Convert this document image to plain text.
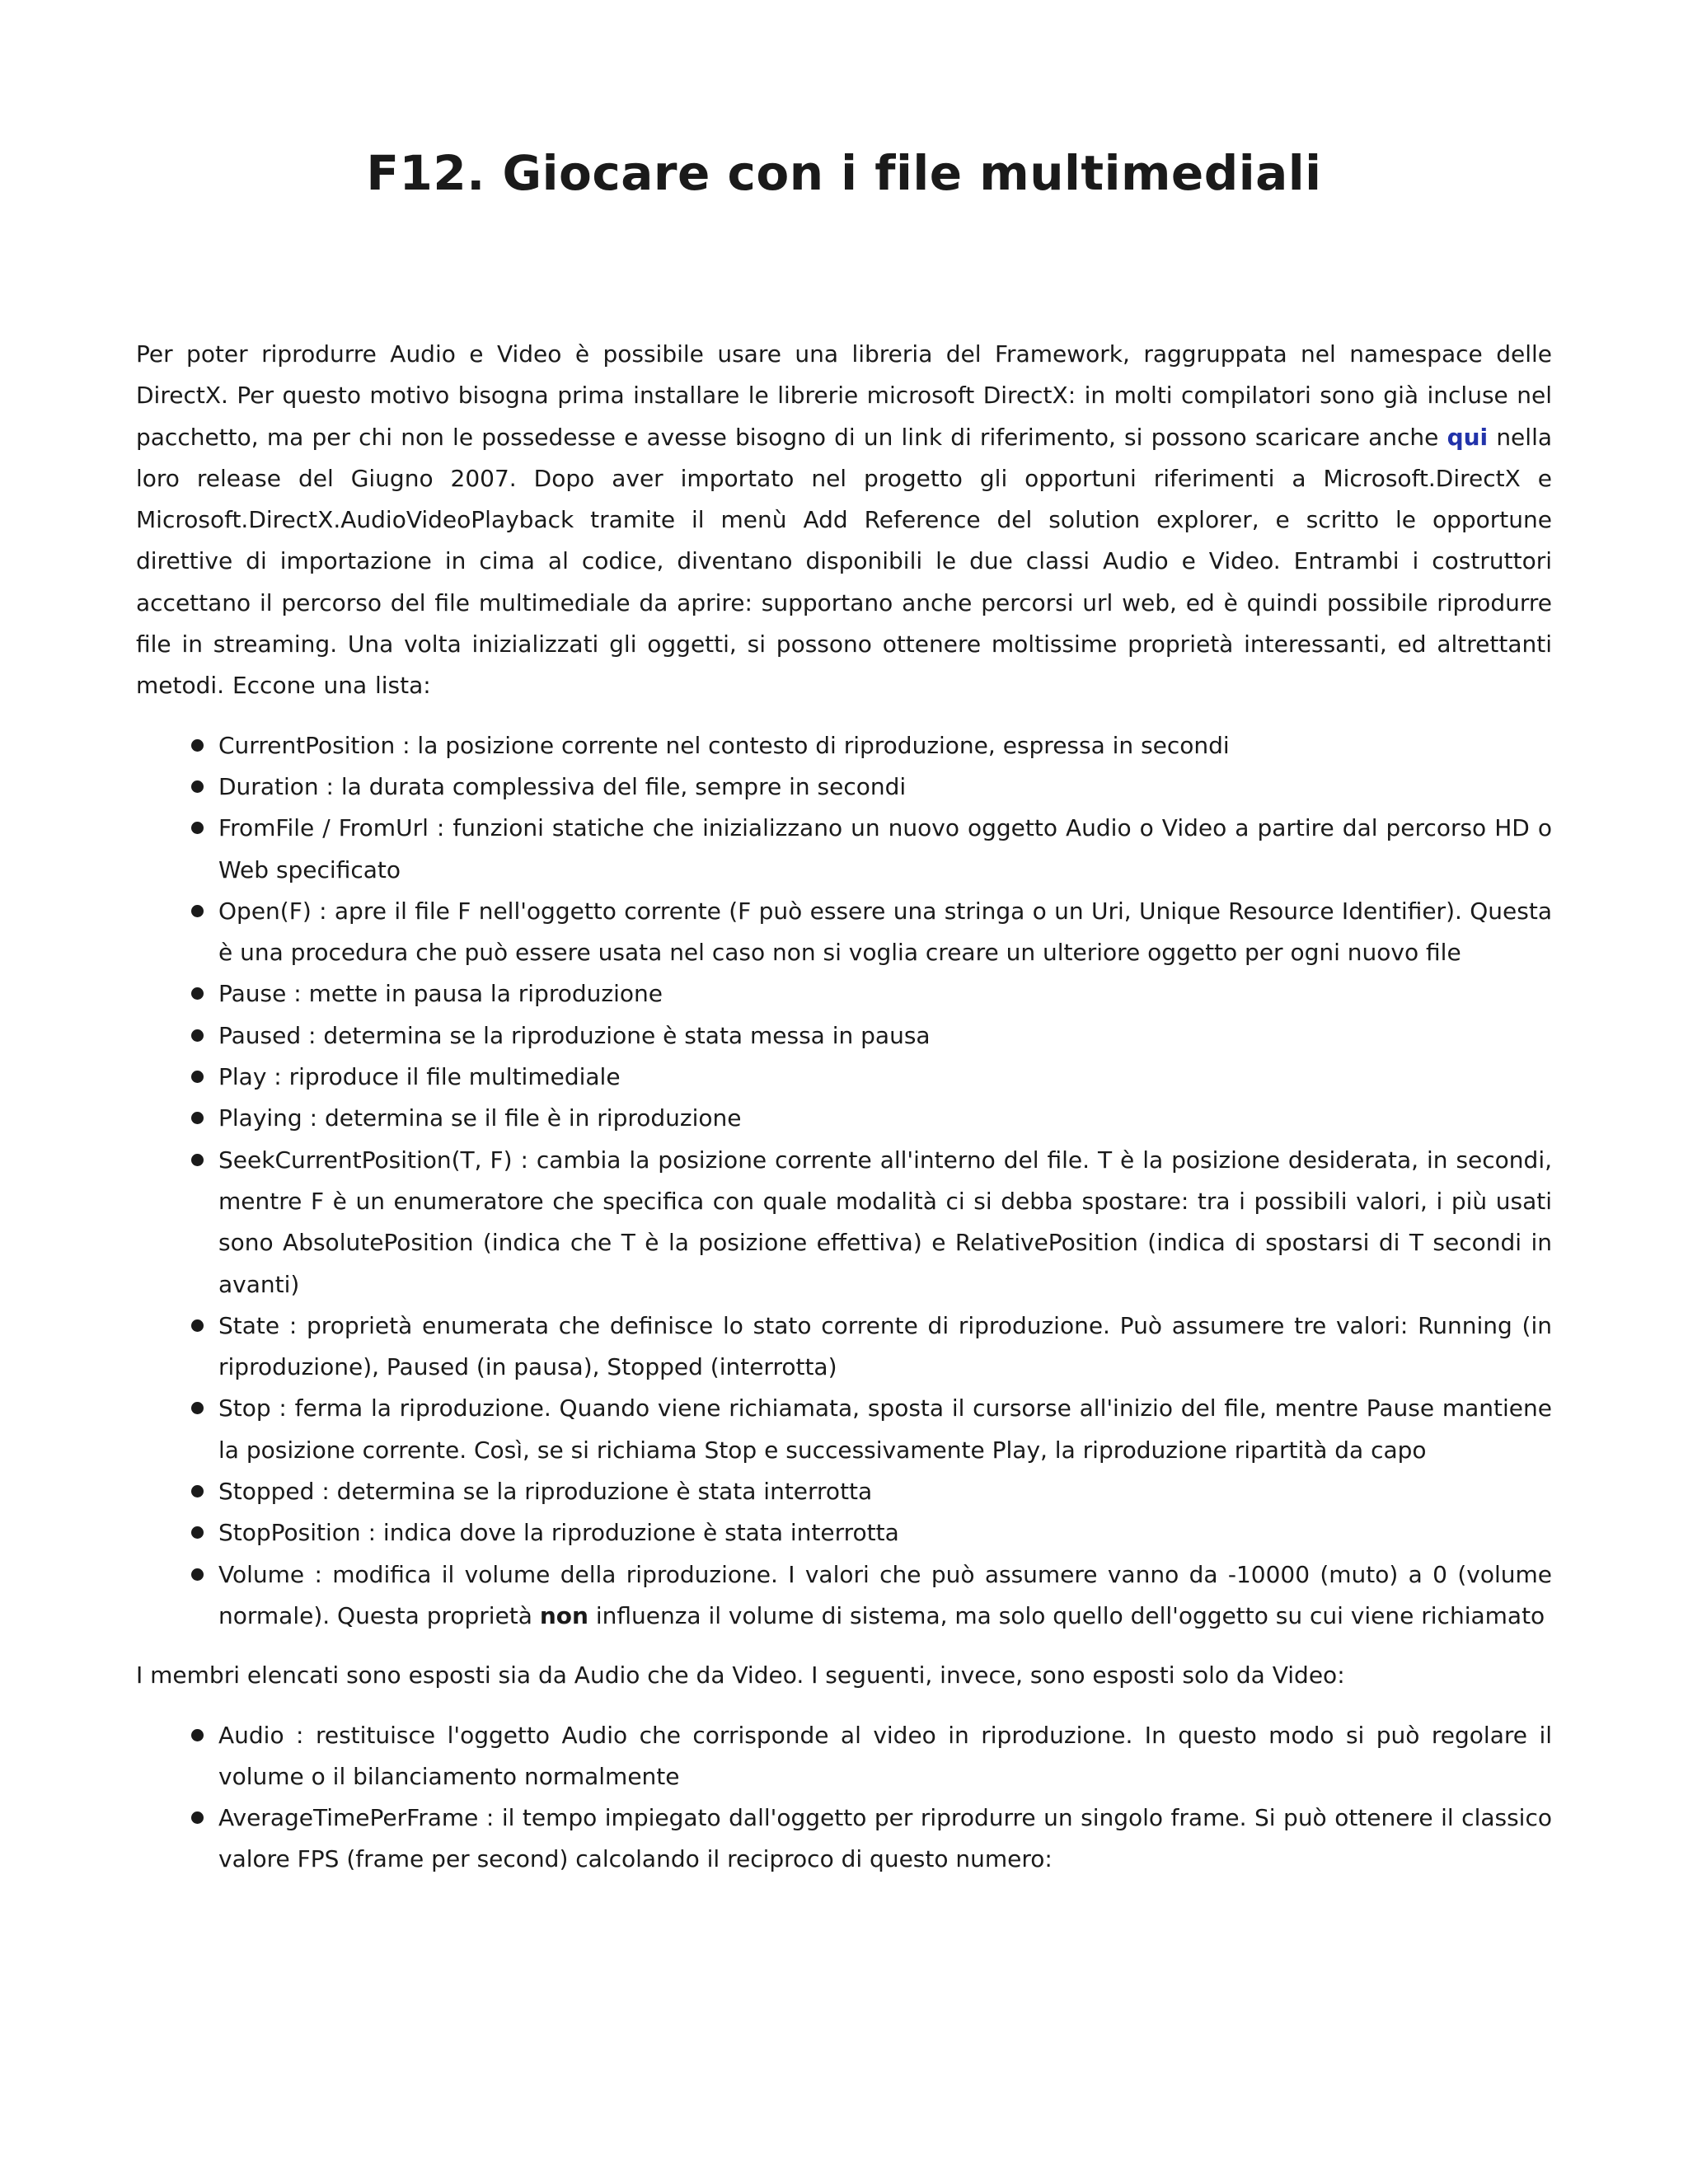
F12. Giocare con i file multimediali

Per poter riprodurre Audio e Video è possibile usare una libreria del Framework, raggruppata nel namespace delle DirectX. Per questo motivo bisogna prima installare le librerie microsoft DirectX: in molti compilatori sono già incluse nel pacchetto, ma per chi non le possedesse e avesse bisogno di un link di riferimento, si possono scaricare anche qui nella loro release del Giugno 2007. Dopo aver importato nel progetto gli opportuni riferimenti a Microsoft.DirectX e Microsoft.DirectX.AudioVideoPlayback tramite il menù Add Reference del solution explorer, e scritto le opportune direttive di importazione in cima al codice, diventano disponibili le due classi Audio e Video. Entrambi i costruttori accettano il percorso del file multimediale da aprire: supportano anche percorsi url web, ed è quindi possibile riprodurre file in streaming. Una volta inizializzati gli oggetti, si possono ottenere moltissime proprietà interessanti, ed altrettanti metodi. Eccone una lista:

CurrentPosition : la posizione corrente nel contesto di riproduzione, espressa in secondi
Duration : la durata complessiva del file, sempre in secondi
FromFile / FromUrl : funzioni statiche che inizializzano un nuovo oggetto Audio o Video a partire dal percorso HD o Web specificato
Open(F) : apre il file F nell'oggetto corrente (F può essere una stringa o un Uri, Unique Resource Identifier). Questa è una procedura che può essere usata nel caso non si voglia creare un ulteriore oggetto per ogni nuovo file
Pause : mette in pausa la riproduzione
Paused : determina se la riproduzione è stata messa in pausa
Play : riproduce il file multimediale
Playing : determina se il file è in riproduzione
SeekCurrentPosition(T, F) : cambia la posizione corrente all'interno del file. T è la posizione desiderata, in secondi, mentre F è un enumeratore che specifica con quale modalità ci si debba spostare: tra i possibili valori, i più usati sono AbsolutePosition (indica che T è la posizione effettiva) e RelativePosition (indica di spostarsi di T secondi in avanti)
State : proprietà enumerata che definisce lo stato corrente di riproduzione. Può assumere tre valori: Running (in riproduzione), Paused (in pausa), Stopped (interrotta)
Stop : ferma la riproduzione. Quando viene richiamata, sposta il cursorse all'inizio del file, mentre Pause mantiene la posizione corrente. Così, se si richiama Stop e successivamente Play, la riproduzione ripartità da capo
Stopped : determina se la riproduzione è stata interrotta
StopPosition : indica dove la riproduzione è stata interrotta
Volume : modifica il volume della riproduzione. I valori che può assumere vanno da -10000 (muto) a 0 (volume normale). Questa proprietà non influenza il volume di sistema, ma solo quello dell'oggetto su cui viene richiamato

I membri elencati sono esposti sia da Audio che da Video. I seguenti, invece, sono esposti solo da Video:

Audio : restituisce l'oggetto Audio che corrisponde al video in riproduzione. In questo modo si può regolare il volume o il bilanciamento normalmente
AverageTimePerFrame : il tempo impiegato dall'oggetto per riprodurre un singolo frame. Si può ottenere il classico valore FPS (frame per second) calcolando il reciproco di questo numero:
